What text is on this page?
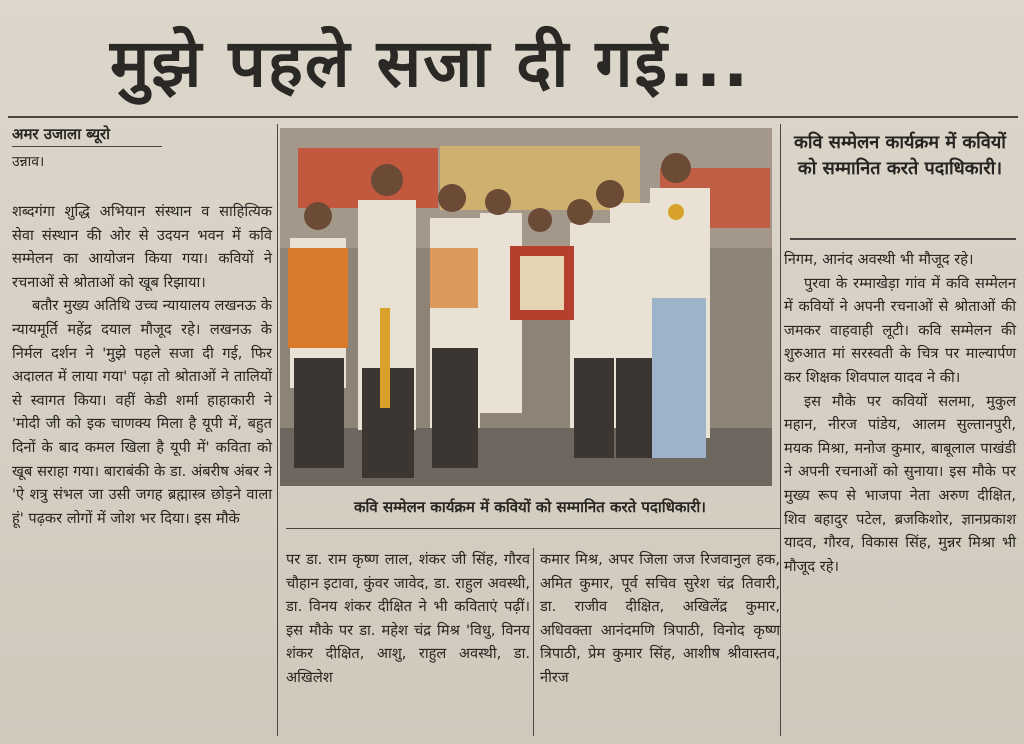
मुझे पहले सजा दी गई...
अमर उजाला ब्यूरो
उन्नाव।

शब्दगंगा शुद्धि अभियान संस्थान व साहित्यिक सेवा संस्थान की ओर से उदयन भवन में कवि सम्मेलन का आयोजन किया गया। कवियों ने रचनाओं से श्रोताओं को खूब रिझाया।

बतौर मुख्य अतिथि उच्च न्यायालय लखनऊ के न्यायमूर्ति महेंद्र दयाल मौजूद रहे। लखनऊ के निर्मल दर्शन ने 'मुझे पहले सजा दी गई, फिर अदालत में लाया गया' पढ़ा तो श्रोताओं ने तालियों से स्वागत किया। वहीं केडी शर्मा हाहाकारी ने 'मोदी जी को इक चाणक्य मिला है यूपी में, बहुत दिनों के बाद कमल खिला है यूपी में' कविता को खूब सराहा गया। बाराबंकी के डा. अंबरीष अंबर ने 'ऐ शत्रु संभल जा उसी जगह ब्रह्मास्त्र छोड़ने वाला हूं' पढ़कर लोगों में जोश भर दिया। इस मौके

कवि सम्मेलन कार्यक्रम में कवियों को सम्मानित करते पदाधिकारी।

पर डा. राम कृष्ण लाल, शंकर जी सिंह, गौरव चौहान इटावा, कुंवर जावेद, डा. राहुल अवस्थी, डा. विनय शंकर दीक्षित ने भी कविताएं पढ़ीं। इस मौके पर डा. महेश चंद्र मिश्र 'विधु, विनय शंकर दीक्षित, आशु, राहुल अवस्थी, डा. अखिलेश

कमार मिश्र, अपर जिला जज रिजवानुल हक, अमित कुमार, पूर्व सचिव सुरेश चंद्र तिवारी, डा. राजीव दीक्षित, अखिलेंद्र कुमार, अधिवक्ता आनंदमणि त्रिपाठी, विनोद कृष्ण त्रिपाठी, प्रेम कुमार सिंह, आशीष श्रीवास्तव, नीरज

कवि सम्मेलन कार्यक्रम में कवियों को सम्मानित करते पदाधिकारी।

निगम, आनंद अवस्थी भी मौजूद रहे।

पुरवा के रम्माखेड़ा गांव में कवि सम्मेलन में कवियों ने अपनी रचनाओं से श्रोताओं की जमकर वाहवाही लूटी। कवि सम्मेलन की शुरुआत मां सरस्वती के चित्र पर माल्यार्पण कर शिक्षक शिवपाल यादव ने की।

इस मौके पर कवियों सलमा, मुकुल महान, नीरज पांडेय, आलम सुल्तानपुरी, मयक मिश्रा, मनोज कुमार, बाबूलाल पाखंडी ने अपनी रचनाओं को सुनाया। इस मौके पर मुख्य रूप से भाजपा नेता अरुण दीक्षित, शिव बहादुर पटेल, ब्रजकिशोर, ज्ञानप्रकाश यादव, गौरव, विकास सिंह, मुन्नर मिश्रा भी मौजूद रहे।
